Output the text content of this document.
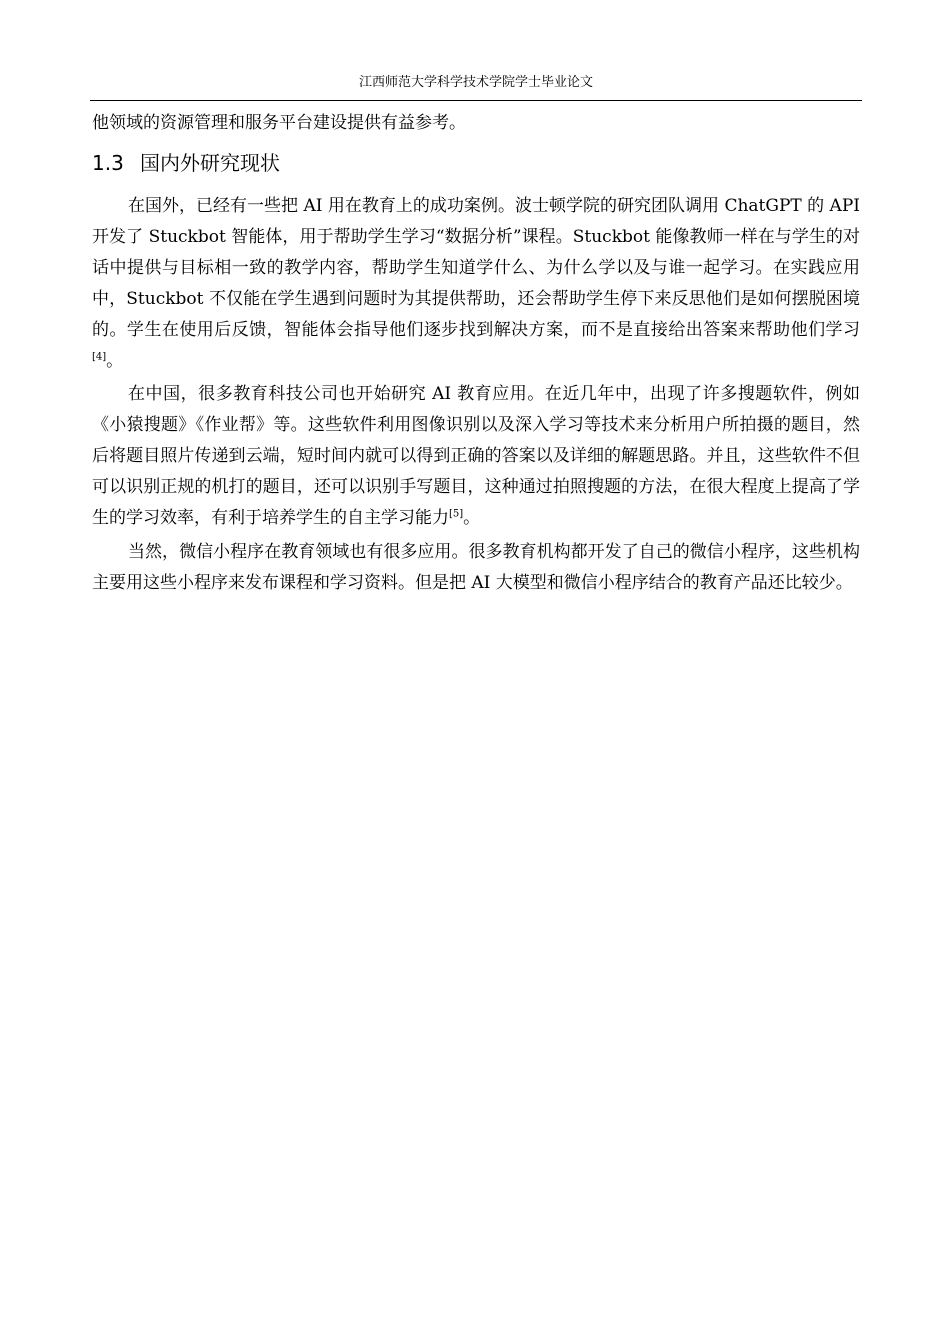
江西师范大学科学技术学院学士毕业论文

他领域的资源管理和服务平台建设提供有益参考。

1.3 国内外研究现状

在国外，已经有一些把 AI 用在教育上的成功案例。波士顿学院的研究团队调用 ChatGPT 的 API 开发了 Stuckbot 智能体，用于帮助学生学习“数据分析”课程。Stuckbot 能像教师一样在与学生的对话中提供与目标相一致的教学内容，帮助学生知道学什么、为什么学以及与谁一起学习。在实践应用中，Stuckbot 不仅能在学生遇到问题时为其提供帮助，还会帮助学生停下来反思他们是如何摆脱困境的。学生在使用后反馈，智能体会指导他们逐步找到解决方案，而不是直接给出答案来帮助他们学习[4]。

在中国，很多教育科技公司也开始研究 AI 教育应用。在近几年中，出现了许多搜题软件，例如《小猿搜题》《作业帮》等。这些软件利用图像识别以及深入学习等技术来分析用户所拍摄的题目，然后将题目照片传递到云端，短时间内就可以得到正确的答案以及详细的解题思路。并且，这些软件不但可以识别正规的机打的题目，还可以识别手写题目，这种通过拍照搜题的方法，在很大程度上提高了学生的学习效率，有利于培养学生的自主学习能力[5]。

当然，微信小程序在教育领域也有很多应用。很多教育机构都开发了自己的微信小程序，这些机构主要用这些小程序来发布课程和学习资料。但是把 AI 大模型和微信小程序结合的教育产品还比较少。
